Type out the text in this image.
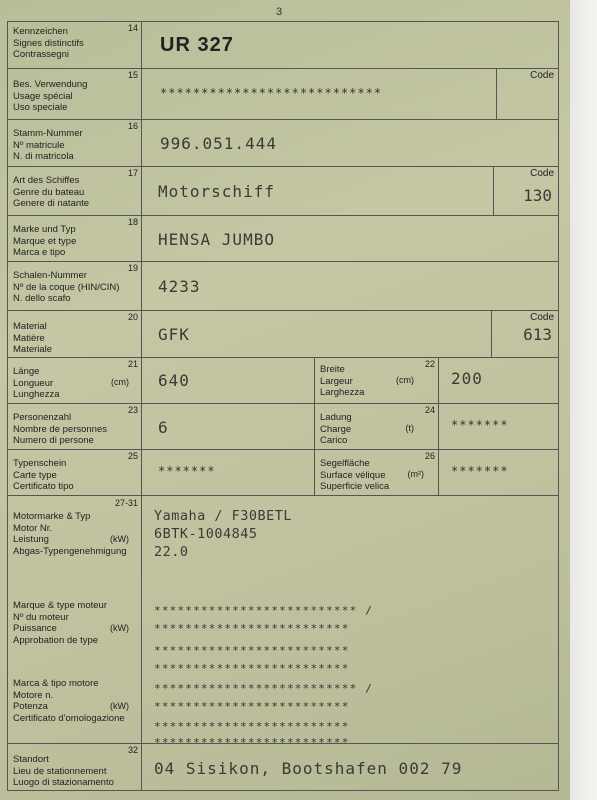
3
14
Kennzeichen
Signes distinctifs
Contrassegni	UR 327
15
Bes. Verwendung
Usage spécial
Uso speciale
***************************
Code
16
Stamm-Nummer
Nº matricule
N. di matricola
996.051.444
17
Art des Schiffes
Genre du bateau
Genere di natante
Motorschiff
Code
130
18
Marke und Typ
Marque et type
Marca e tipo
HENSA JUMBO
19
Schalen-Nummer
Nº de la coque (HIN/CIN)
N. dello scafo
4233
20
Material
Matière
Materiale
GFK
Code
613
21
Länge
Longueur
Lunghezza
(cm) 640
22
Breite
Largeur
Larghezza
(cm) 200
23
Personenzahl
Nombre de personnes
Numero di persone
6
24
Ladung
Charge
Carico
(t)	*******
25
Typenschein
Carte type
Certificato tipo
*******
26
Segelfläche
Surface vélique
Superficie velica
(m²) *******
27-31
Motormarke & Typ
Motor Nr.
Leistung
Abgas-Typengenehmigung
(kW)
Marque & type moteur
Nº du moteur
Puissance
Approbation de type
(kW)
Marca & tipo motore
Motore n.
Potenza
Certificato d'omologazione
(kW)
Yamaha / F30BETL
6BTK-1004845
22.0
************************** /
*************************
*************************
*************************
************************** /
*************************
*************************
*************************
32
Standort
Lieu de stationnement
Luogo di stazionamento
04 Sisikon, Bootshafen 002 79
